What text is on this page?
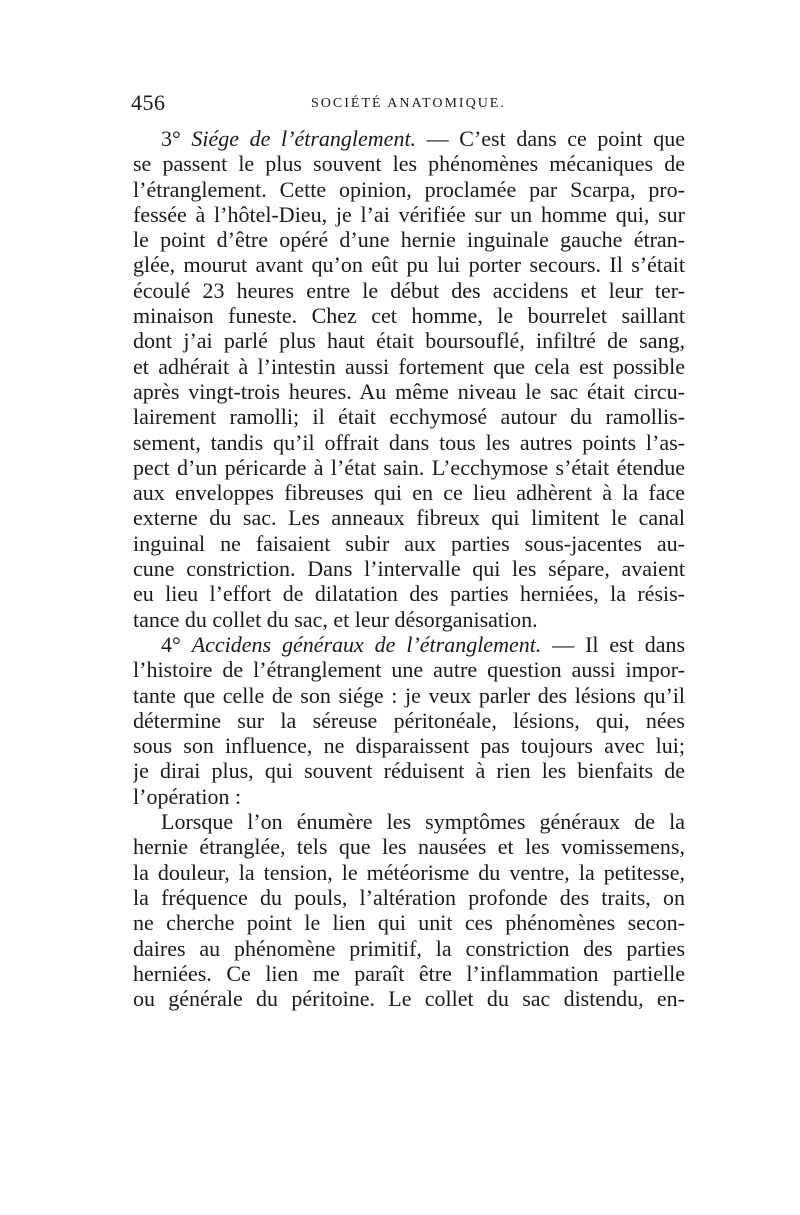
456	SOCIÉTÉ ANATOMIQUE.
3° Siége de l’étranglement. — C’est dans ce point que
se passent le plus souvent les phénomènes mécaniques de
l’étranglement. Cette opinion, proclamée par Scarpa, pro-
fessée à l’hôtel-Dieu, je l’ai vérifiée sur un homme qui, sur
le point d’être opéré d’une hernie inguinale gauche étran-
glée, mourut avant qu’on eût pu lui porter secours. Il s’était
écoulé 23 heures entre le début des accidens et leur ter-
minaison funeste. Chez cet homme, le bourrelet saillant
dont j’ai parlé plus haut était boursouflé, infiltré de sang,
et adhérait à l’intestin aussi fortement que cela est possible
après vingt-trois heures. Au même niveau le sac était circu-
lairement ramolli; il était ecchymosé autour du ramollis-
sement, tandis qu’il offrait dans tous les autres points l’as-
pect d’un péricarde à l’état sain. L’ecchymose s’était étendue
aux enveloppes fibreuses qui en ce lieu adhèrent à la face
externe du sac. Les anneaux fibreux qui limitent le canal
inguinal ne faisaient subir aux parties sous-jacentes au-
cune constriction. Dans l’intervalle qui les sépare, avaient
eu lieu l’effort de dilatation des parties herniées, la résis-
tance du collet du sac, et leur désorganisation.
4° Accidens généraux de l’étranglement. — Il est dans
l’histoire de l’étranglement une autre question aussi impor-
tante que celle de son siége : je veux parler des lésions qu’il
détermine sur la séreuse péritonéale, lésions, qui, nées
sous son influence, ne disparaissent pas toujours avec lui;
je dirai plus, qui souvent réduisent à rien les bienfaits de
l’opération :
Lorsque l’on énumère les symptômes généraux de la
hernie étranglée, tels que les nausées et les vomissemens,
la douleur, la tension, le météorisme du ventre, la petitesse,
la fréquence du pouls, l’altération profonde des traits, on
ne cherche point le lien qui unit ces phénomènes secon-
daires au phénomène primitif, la constriction des parties
herniées. Ce lien me paraît être l’inflammation partielle
ou générale du péritoine. Le collet du sac distendu, en-
